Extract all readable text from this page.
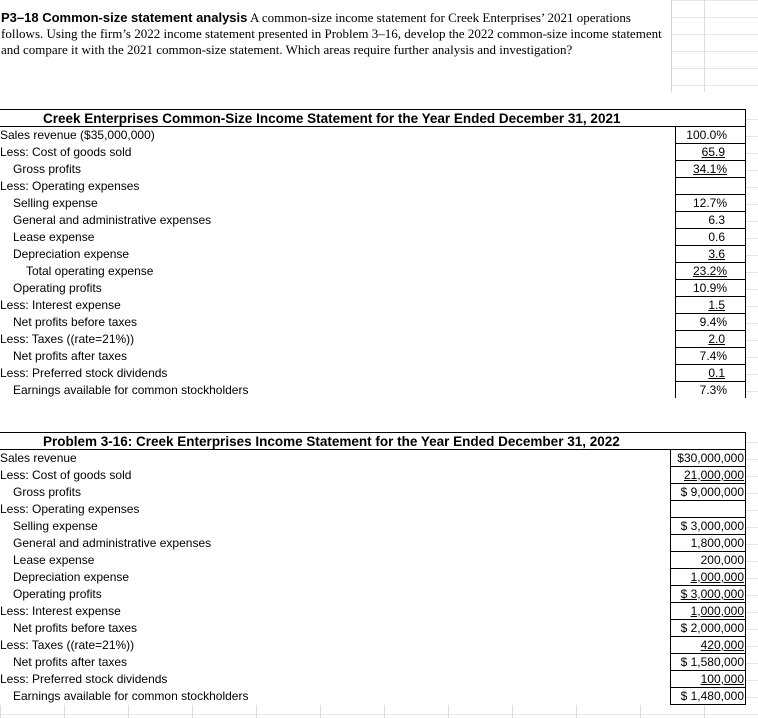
P3–18 Common-size statement analysis A common-size income statement for Creek Enterprises’ 2021 operations follows. Using the firm’s 2022 income statement presented in Problem 3–16, develop the 2022 common-size income statement and compare it with the 2021 common-size statement. Which areas require further analysis and investigation?
Creek Enterprises Common-Size Income Statement for the Year Ended December 31, 2021
Sales revenue ($35,000,000)	100.0%
Less: Cost of goods sold	65.9
Gross profits	34.1%
Less: Operating expenses
Selling expense	12.7%
General and administrative expenses	6.3
Lease expense	0.6
Depreciation expense	3.6
Total operating expense	23.2%
Operating profits	10.9%
Less: Interest expense	1.5
Net profits before taxes	9.4%
Less: Taxes ((rate=21%))	2.0
Net profits after taxes	7.4%
Less: Preferred stock dividends	0.1
Earnings available for common stockholders	7.3%
Problem 3-16: Creek Enterprises Income Statement for the Year Ended December 31, 2022
Sales revenue	$30,000,000
Less: Cost of goods sold	21,000,000
Gross profits	$ 9,000,000
Less: Operating expenses
Selling expense	$ 3,000,000
General and administrative expenses	1,800,000
Lease expense	200,000
Depreciation expense	1,000,000
Operating profits	$ 3,000,000
Less: Interest expense	1,000,000
Net profits before taxes	$ 2,000,000
Less: Taxes ((rate=21%))	420,000
Net profits after taxes	$ 1,580,000
Less: Preferred stock dividends	100,000
Earnings available for common stockholders	$ 1,480,000
